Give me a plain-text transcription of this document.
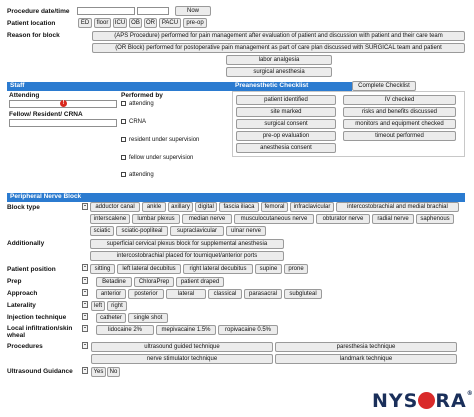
Procedure date/time	Now
Patient location	ED	floor	ICU OB	OR	PACU	pre-op
Reason for block	(APS Procedure) performed for pain management after evaluation of patient and discussion with patient and their care team
(OR Block) performed for postoperative pain management as part of care plan discussed with SURGICAL team and patient
labor analgesia
surgical anesthesia
Staff
Attending
!
Fellow/ Resident/ CRNA
Performed by
attending
CRNA
resident under supervision
fellow under supervision
attending
Preanesthetic Checklist	Complete Checklist
patient identified	IV checked
site marked	risks and benefits discussed
surgical consent	monitors and equipment checked
pre-op evaluation	timeout performed
anesthesia consent
Peripheral Nerve Block
Block type	adductor canal	ankle	axillary	digital	fascia iliaca	femoral	infraclavicular	intercostobrachial and medial brachial
interscalene	lumbar plexus	median nerve	musculocutaneous nerve	obturator nerve	radial nerve	saphenous
sciatic	sciatic-popliteal	supraclavicular	ulnar nerve
Additionally	superficial cervical plexus block for supplemental anesthesia
intercostobrachial placed for tourniquet/anterior ports
Patient position	sitting	left lateral decubitus	right lateral decubitus	supine	prone
Prep	Betadine	ChloraPrep	patient draped
Approach	anterior	posterior	lateral	classical	parasacral	subgluteal
Laterality	left	right
Injection technique	catheter	single shot
Local infiltration/skin wheal
lidocaine 2%	mepivacaine 1.5%	ropivacaine 0.5%
Procedures	ultrasound guided technique	paresthesia technique
nerve stimulator technique	landmark technique
Ultrasound Guidance	Yes	No
NYS RA®
